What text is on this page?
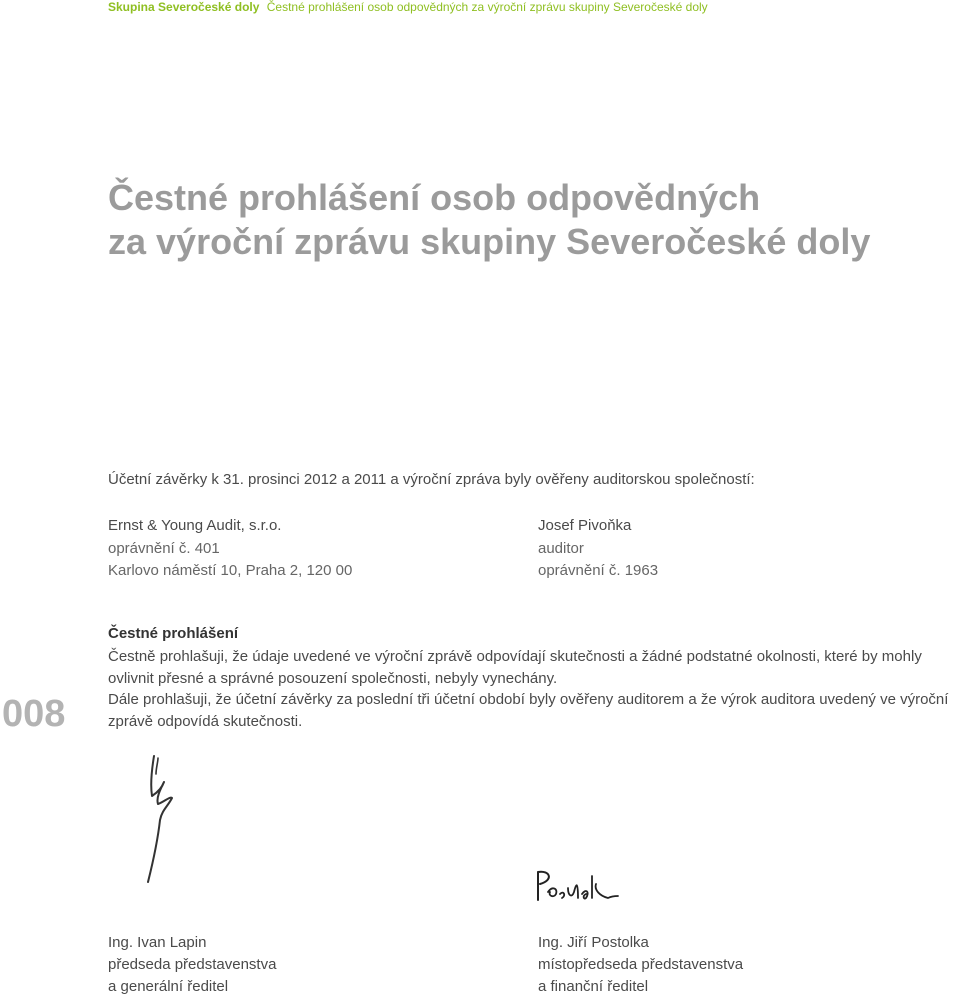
Skupina Severočeské doly Čestné prohlášení osob odpovědných za výroční zprávu skupiny Severočeské doly
Čestné prohlášení osob odpovědných
za výroční zprávu skupiny Severočeské doly
Účetní závěrky k 31. prosinci 2012 a 2011 a výroční zpráva byly ověřeny auditorskou společností:
Ernst & Young Audit, s.r.o.
oprávnění č. 401
Karlovo náměstí 10, Praha 2, 120 00
Josef Pivoňka
auditor
oprávnění č. 1963
008
Čestné prohlášení

Čestně prohlašuji, že údaje uvedené ve výroční zprávě odpovídají skutečnosti a žádné podstatné okolnosti, které by mohly ovlivnit přesné a správné posouzení společnosti, nebyly vynechány.

Dále prohlašuji, že účetní závěrky za poslední tři účetní období byly ověřeny auditorem a že výrok auditora uvedený ve výroční zprávě odpovídá skutečnosti.

Ing. Ivan Lapin
předseda představenstva
a generální ředitel
Ing. Jiří Postolka
místopředseda představenstva
a finanční ředitel
